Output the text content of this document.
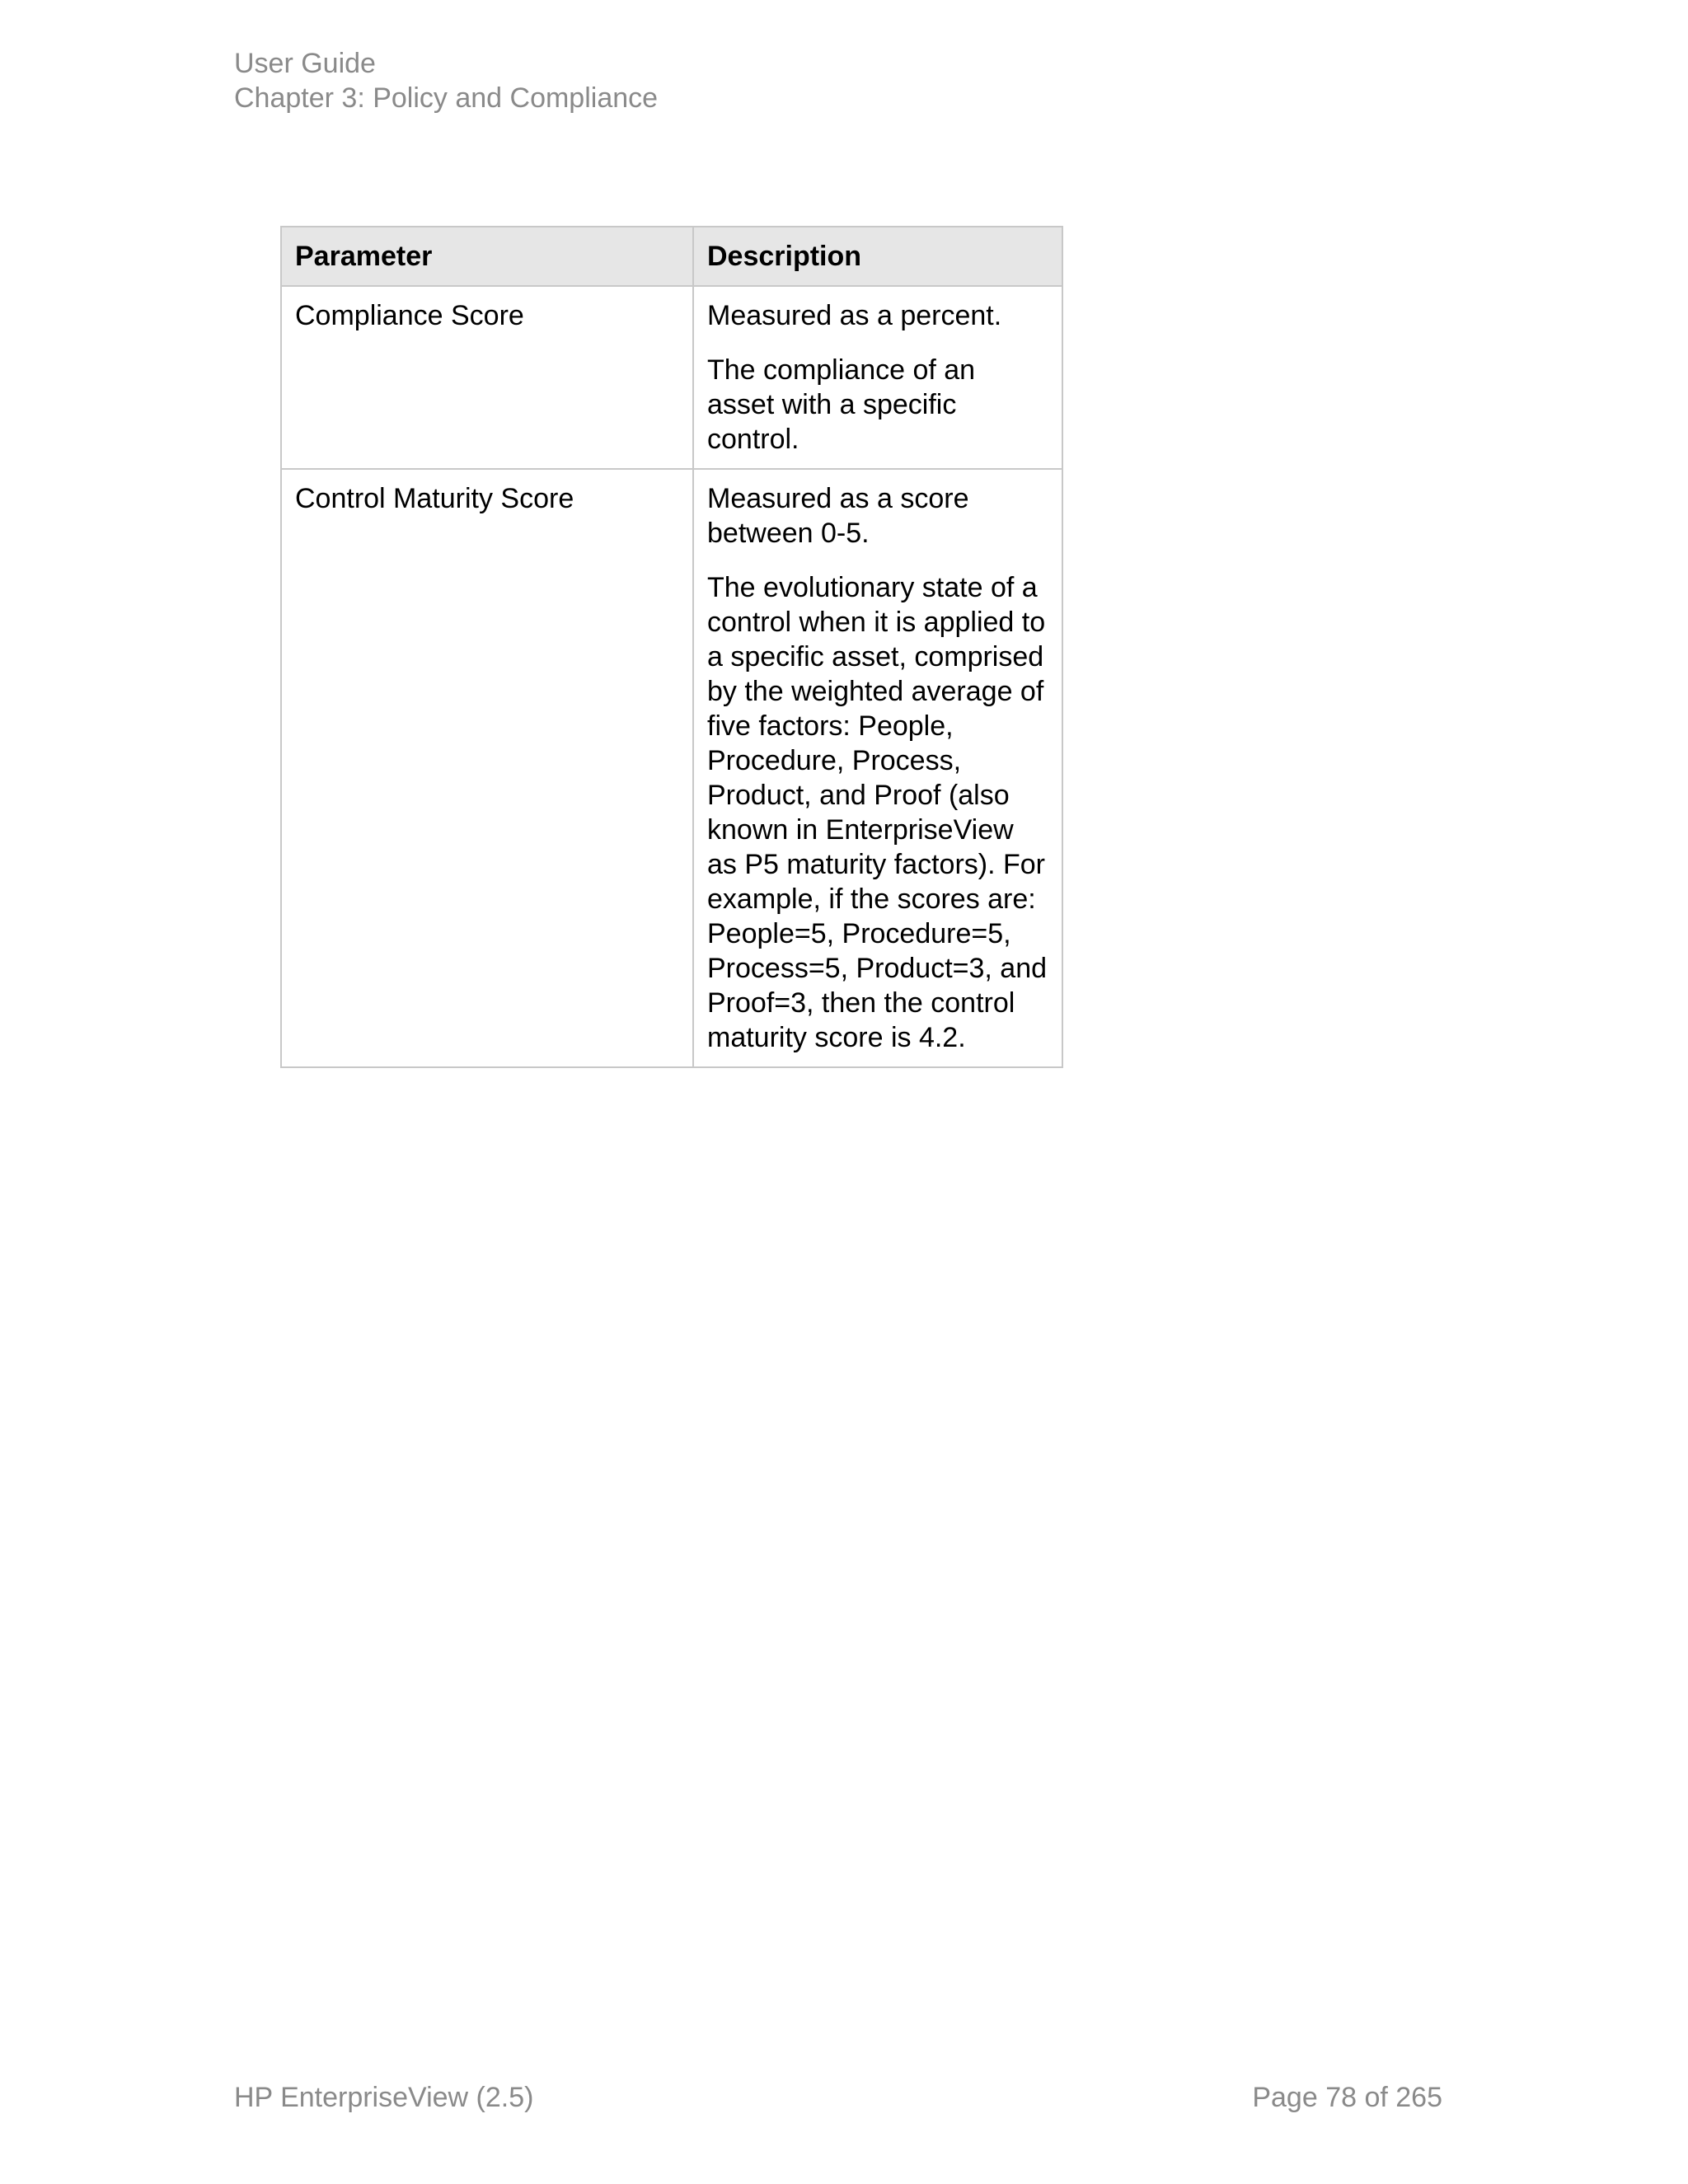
User Guide
Chapter 3: Policy and Compliance
Parameter	Description
Compliance Score	Measured as a percent.

The compliance of an asset with a specific control.

Control Maturity Score	Measured as a score between 0-5.

The evolutionary state of a control when it is applied to a specific asset, comprised by the weighted average of five factors: People, Procedure, Process, Product, and Proof (also known in EnterpriseView as P5 maturity factors). For example, if the scores are: People=5, Procedure=5, Process=5, Product=3, and Proof=3, then the control maturity score is 4.2.

HP EnterpriseView (2.5)	Page 78 of 265
